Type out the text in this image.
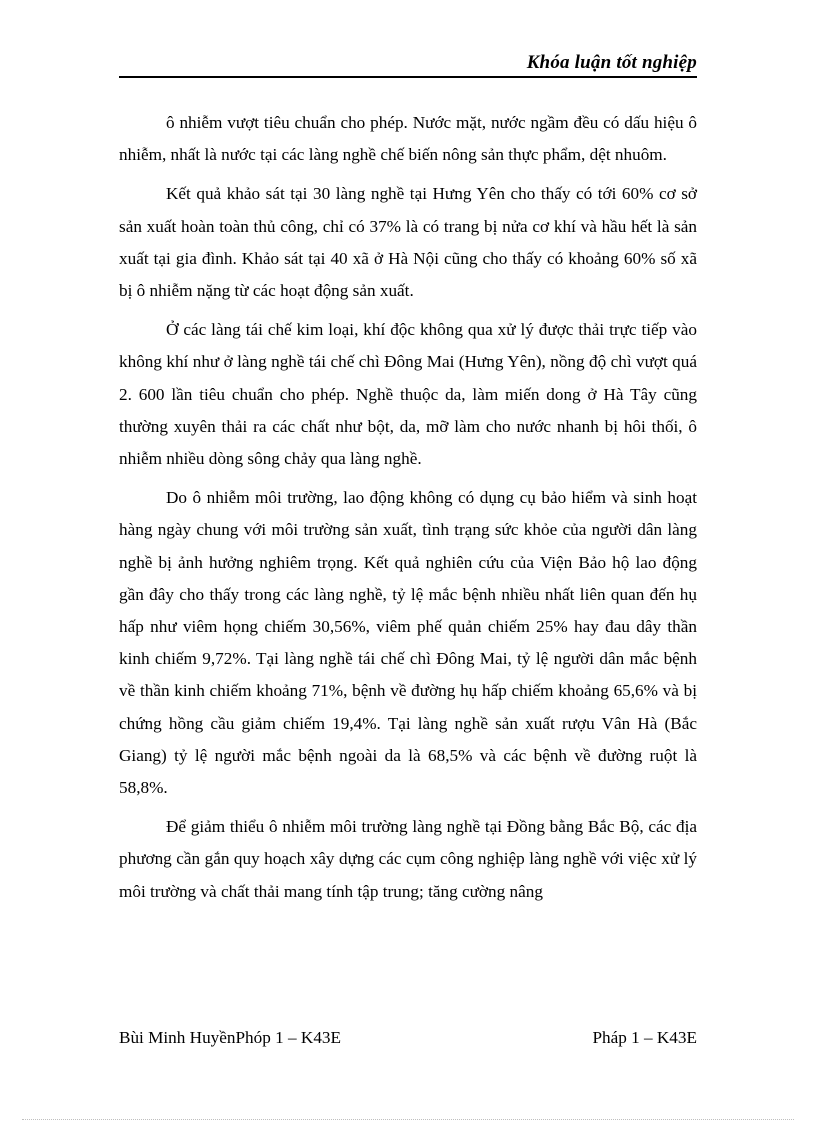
Khóa luận tốt nghiệp

ô nhiễm vượt tiêu chuẩn cho phép. Nước mặt, nước ngầm đều có dấu hiệu ô nhiễm, nhất là nước tại các làng nghề chế biến nông sản thực phẩm, dệt nhuôm.

Kết quả khảo sát tại 30 làng nghề tại Hưng Yên cho thấy có tới 60% cơ sở sản xuất hoàn toàn thủ công, chỉ có 37% là có trang bị nửa cơ khí và hầu hết là sản xuất tại gia đình. Khảo sát tại 40 xã ở Hà Nội cũng cho thấy có khoảng 60% số xã bị ô nhiễm nặng từ các hoạt động sản xuất.

Ở các làng tái chế kim loại, khí độc không qua xử lý được thải trực tiếp vào không khí như ở làng nghề tái chế chì Đông Mai (Hưng Yên), nồng độ chì vượt quá 2. 600 lần tiêu chuẩn cho phép. Nghề thuộc da, làm miến dong ở Hà Tây cũng thường xuyên thải ra các chất như bột, da, mỡ làm cho nước nhanh bị hôi thối, ô nhiễm nhiều dòng sông chảy qua làng nghề.

Do ô nhiễm môi trường, lao động không có dụng cụ bảo hiểm và sinh hoạt hàng ngày chung với môi trường sản xuất, tình trạng sức khỏe của người dân làng nghề bị ảnh hưởng nghiêm trọng. Kết quả nghiên cứu của Viện Bảo hộ lao động gần đây cho thấy trong các làng nghề, tỷ lệ mắc bệnh nhiều nhất liên quan đến hụ hấp như viêm họng chiếm 30,56%, viêm phế quản chiếm 25% hay đau dây thần kinh chiếm 9,72%. Tại làng nghề tái chế chì Đông Mai, tỷ lệ người dân mắc bệnh về thần kinh chiếm khoảng 71%, bệnh về đường hụ hấp chiếm khoảng 65,6% và bị chứng hồng cầu giảm chiếm 19,4%. Tại làng nghề sản xuất rượu Vân Hà (Bắc Giang) tỷ lệ người mắc bệnh ngoài da là 68,5% và các bệnh về đường ruột là 58,8%.

Để giảm thiểu ô nhiễm môi trường làng nghề tại Đồng bằng Bắc Bộ, các địa phương cần gắn quy hoạch xây dựng các cụm công nghiệp làng nghề với việc xử lý môi trường và chất thải mang tính tập trung; tăng cường nâng

Bùi Minh HuyềnPhóp 1 – K43E	Pháp 1 – K43E
